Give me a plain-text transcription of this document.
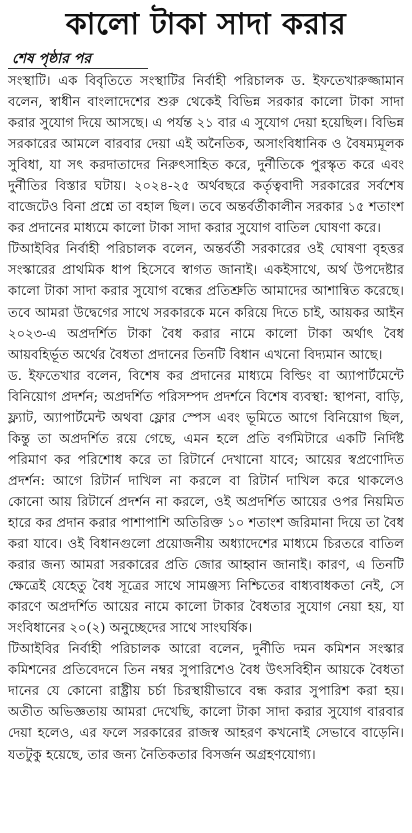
কালো টাকা সাদা করার
শেষ পৃষ্ঠার পর

সংস্থাটি। এক বিবৃতিতে সংস্থাটির নির্বাহী পরিচালক ড. ইফতেখারুজ্জামান বলেন, স্বাধীন বাংলাদেশের শুরু থেকেই বিভিন্ন সরকার কালো টাকা সাদা করার সুযোগ দিয়ে আসছে। এ পর্যন্ত ২১ বার এ সুযোগ দেয়া হয়েছিল। বিভিন্ন সরকারের আমলে বারবার দেয়া এই অনৈতিক, অসাংবিধানিক ও বৈষম্যমূলক সুবিধা, যা সৎ করদাতাদের নিরুৎসাহিত করে, দুর্নীতিকে পুরস্কৃত করে এবং দুর্নীতির বিস্তার ঘটায়। ২০২৪-২৫ অর্থবছরে কর্তৃত্ববাদী সরকারের সর্বশেষ বাজেটেও বিনা প্রশ্নে তা বহাল ছিল। তবে অন্তর্বর্তীকালীন সরকার ১৫ শতাংশ কর প্রদানের মাধ্যমে কালো টাকা সাদা করার সুযোগ বাতিল ঘোষণা করে।

টিআইবির নির্বাহী পরিচালক বলেন, অন্তর্বর্তী সরকারের ওই ঘোষণা বৃহত্তর সংস্কারের প্রাথমিক ধাপ হিসেবে স্বাগত জানাই। একইসাথে, অর্থ উপদেষ্টার কালো টাকা সাদা করার সুযোগ বন্ধের প্রতিশ্রুতি আমাদের আশান্বিত করেছে। তবে আমরা উদ্বেগের সাথে সরকারকে মনে করিয়ে দিতে চাই, আয়কর আইন ২০২৩-এ অপ্রদর্শিত টাকা বৈধ করার নামে কালো টাকা অর্থাৎ বৈধ আয়বহির্ভূত অর্থের বৈধতা প্রদানের তিনটি বিধান এখনো বিদ্যমান আছে।

ড. ইফতেখার বলেন, বিশেষ কর প্রদানের মাধ্যমে বিল্ডিং বা অ্যাপার্টমেন্টে বিনিয়োগ প্রদর্শন; অপ্রদর্শিত পরিসম্পদ প্রদর্শনে বিশেষ ব্যবস্থা: স্থাপনা, বাড়ি, ফ্ল্যাট, অ্যাপার্টমেন্ট অথবা ফ্লোর স্পেস এবং ভূমিতে আগে বিনিয়োগ ছিল, কিন্তু তা অপ্রদর্শিত রয়ে গেছে, এমন হলে প্রতি বর্গমিটারে একটি নির্দিষ্ট পরিমাণ কর পরিশোধ করে তা রিটার্নে দেখানো যাবে; আয়ের স্বপ্রণোদিত প্রদর্শন: আগে রিটার্ন দাখিল না করলে বা রিটার্ন দাখিল করে থাকলেও কোনো আয় রিটার্নে প্রদর্শন না করলে, ওই অপ্রদর্শিত আয়ের ওপর নিয়মিত হারে কর প্রদান করার পাশাপাশি অতিরিক্ত ১০ শতাংশ জরিমানা দিয়ে তা বৈধ করা যাবে। ওই বিধানগুলো প্রয়োজনীয় অধ্যাদেশের মাধ্যমে চিরতরে বাতিল করার জন্য আমরা সরকারের প্রতি জোর আহ্বান জানাই। কারণ, এ তিনটি ক্ষেত্রেই যেহেতু বৈধ সূত্রের সাথে সামঞ্জস্য নিশ্চিতের বাধ্যবাধকতা নেই, সে কারণে অপ্রদর্শিত আয়ের নামে কালো টাকার বৈধতার সুযোগ নেয়া হয়, যা সংবিধানের ২০(২) অনুচ্ছেদের সাথে সাংঘর্ষিক।

টিআইবির নির্বাহী পরিচালক আরো বলেন, দুর্নীতি দমন কমিশন সংস্কার কমিশনের প্রতিবেদনে তিন নম্বর সুপারিশেও বৈধ উৎসবিহীন আয়কে বৈধতা দানের যে কোনো রাষ্ট্রীয় চর্চা চিরস্থায়ীভাবে বন্ধ করার সুপারিশ করা হয়। অতীত অভিজ্ঞতায় আমরা দেখেছি, কালো টাকা সাদা করার সুযোগ বারবার দেয়া হলেও, এর ফলে সরকারের রাজস্ব আহরণ কখনোই সেভাবে বাড়েনি। যতটুকু হয়েছে, তার জন্য নৈতিকতার বিসর্জন অগ্রহণযোগ্য।
